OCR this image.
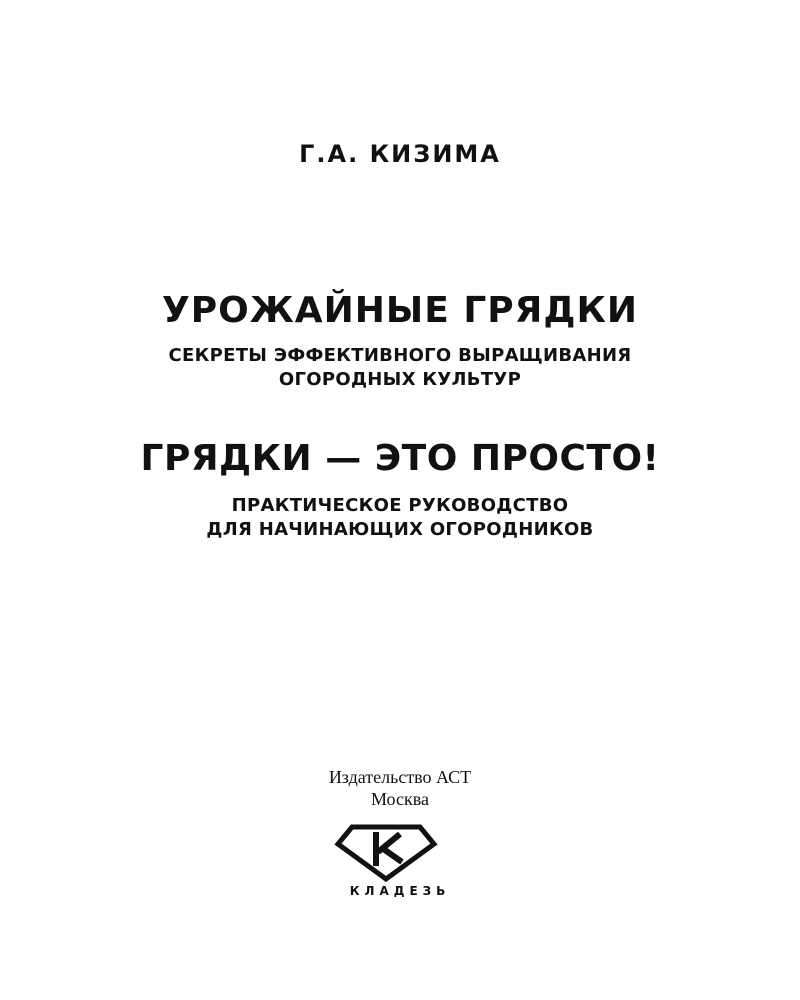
Г.А. КИЗИМА
УРОЖАЙНЫЕ ГРЯДКИ
СЕКРЕТЫ ЭФФЕКТИВНОГО ВЫРАЩИВАНИЯ
ОГОРОДНЫХ КУЛЬТУР
ГРЯДКИ — ЭТО ПРОСТО!
ПРАКТИЧЕСКОЕ РУКОВОДСТВО
ДЛЯ НАЧИНАЮЩИХ ОГОРОДНИКОВ
Издательство АСТ
Москва
КЛАДЕЗЬ
